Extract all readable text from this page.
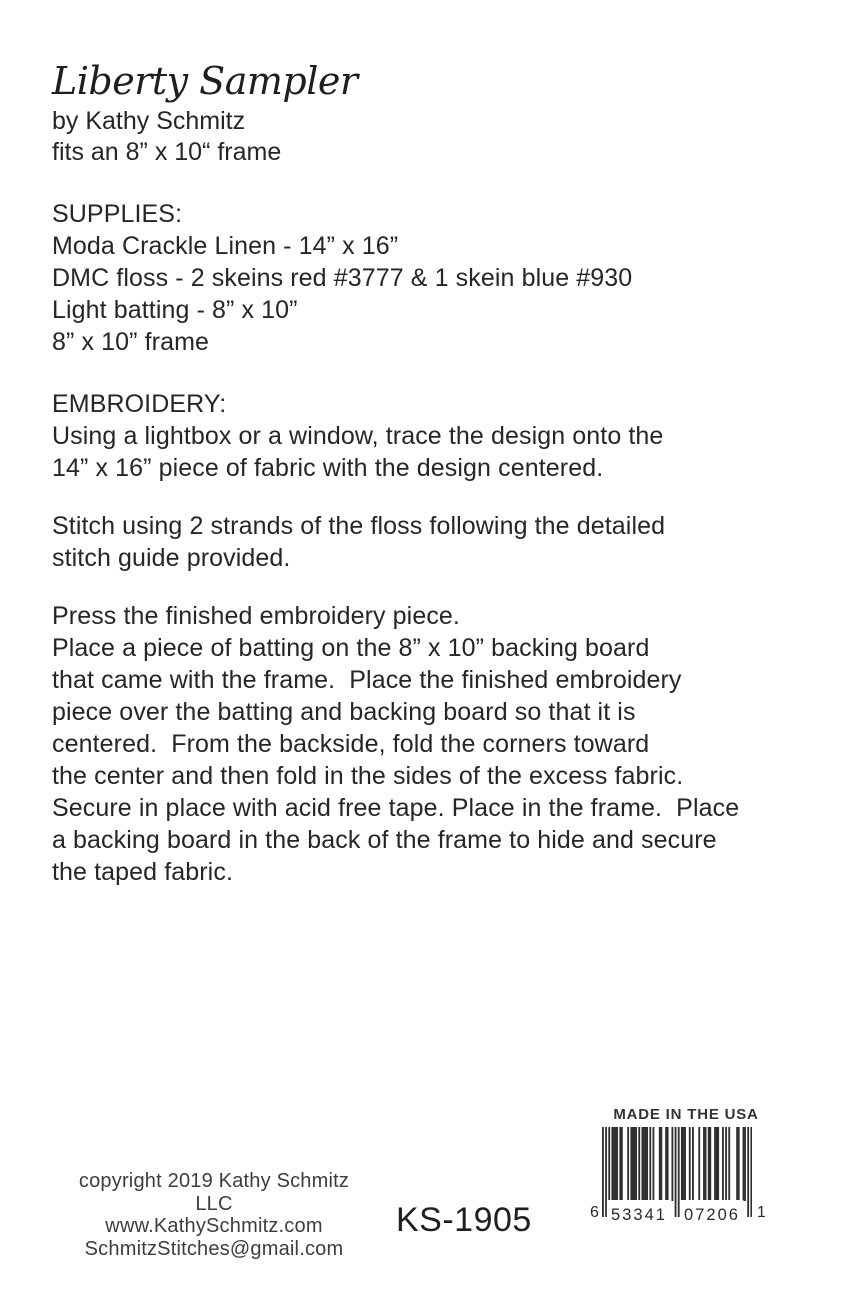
Liberty Sampler
by Kathy Schmitz
fits an 8” x 10“ frame
SUPPLIES:
Moda Crackle Linen - 14” x 16”
DMC floss - 2 skeins red #3777 & 1 skein blue #930
Light batting - 8” x 10”
8” x 10” frame
EMBROIDERY:
Using a lightbox or a window, trace the design onto the
14” x 16” piece of fabric with the design centered.
Stitch using 2 strands of the floss following the detailed
stitch guide provided.
Press the finished embroidery piece.
Place a piece of batting on the 8” x 10” backing board
that came with the frame.  Place the finished embroidery
piece over the batting and backing board so that it is
centered.  From the backside, fold the corners toward
the center and then fold in the sides of the excess fabric.
Secure in place with acid free tape. Place in the frame.  Place
a backing board in the back of the frame to hide and secure
the taped fabric.
copyright 2019 Kathy Schmitz LLC
www.KathySchmitz.com
SchmitzStitches@gmail.com
KS-1905
MADE IN THE USA
6 53341 07206 1
